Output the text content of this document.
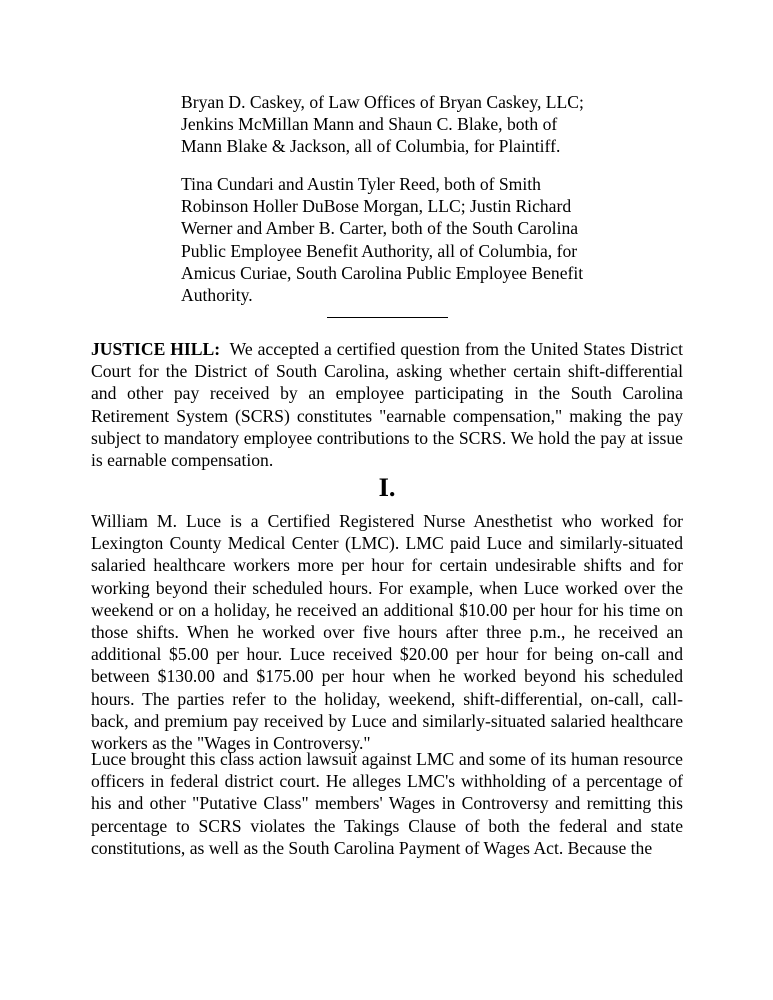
Bryan D. Caskey, of Law Offices of Bryan Caskey, LLC; Jenkins McMillan Mann and Shaun C. Blake, both of Mann Blake & Jackson, all of Columbia, for Plaintiff.

Tina Cundari and Austin Tyler Reed, both of Smith Robinson Holler DuBose Morgan, LLC; Justin Richard Werner and Amber B. Carter, both of the South Carolina Public Employee Benefit Authority, all of Columbia, for Amicus Curiae, South Carolina Public Employee Benefit Authority.

JUSTICE HILL: We accepted a certified question from the United States District Court for the District of South Carolina, asking whether certain shift-differential and other pay received by an employee participating in the South Carolina Retirement System (SCRS) constitutes "earnable compensation," making the pay subject to mandatory employee contributions to the SCRS. We hold the pay at issue is earnable compensation.

I.

William M. Luce is a Certified Registered Nurse Anesthetist who worked for Lexington County Medical Center (LMC). LMC paid Luce and similarly-situated salaried healthcare workers more per hour for certain undesirable shifts and for working beyond their scheduled hours. For example, when Luce worked over the weekend or on a holiday, he received an additional $10.00 per hour for his time on those shifts. When he worked over five hours after three p.m., he received an additional $5.00 per hour. Luce received $20.00 per hour for being on-call and between $130.00 and $175.00 per hour when he worked beyond his scheduled hours. The parties refer to the holiday, weekend, shift-differential, on-call, call-back, and premium pay received by Luce and similarly-situated salaried healthcare workers as the "Wages in Controversy."

Luce brought this class action lawsuit against LMC and some of its human resource officers in federal district court. He alleges LMC's withholding of a percentage of his and other "Putative Class" members' Wages in Controversy and remitting this percentage to SCRS violates the Takings Clause of both the federal and state constitutions, as well as the South Carolina Payment of Wages Act. Because the
